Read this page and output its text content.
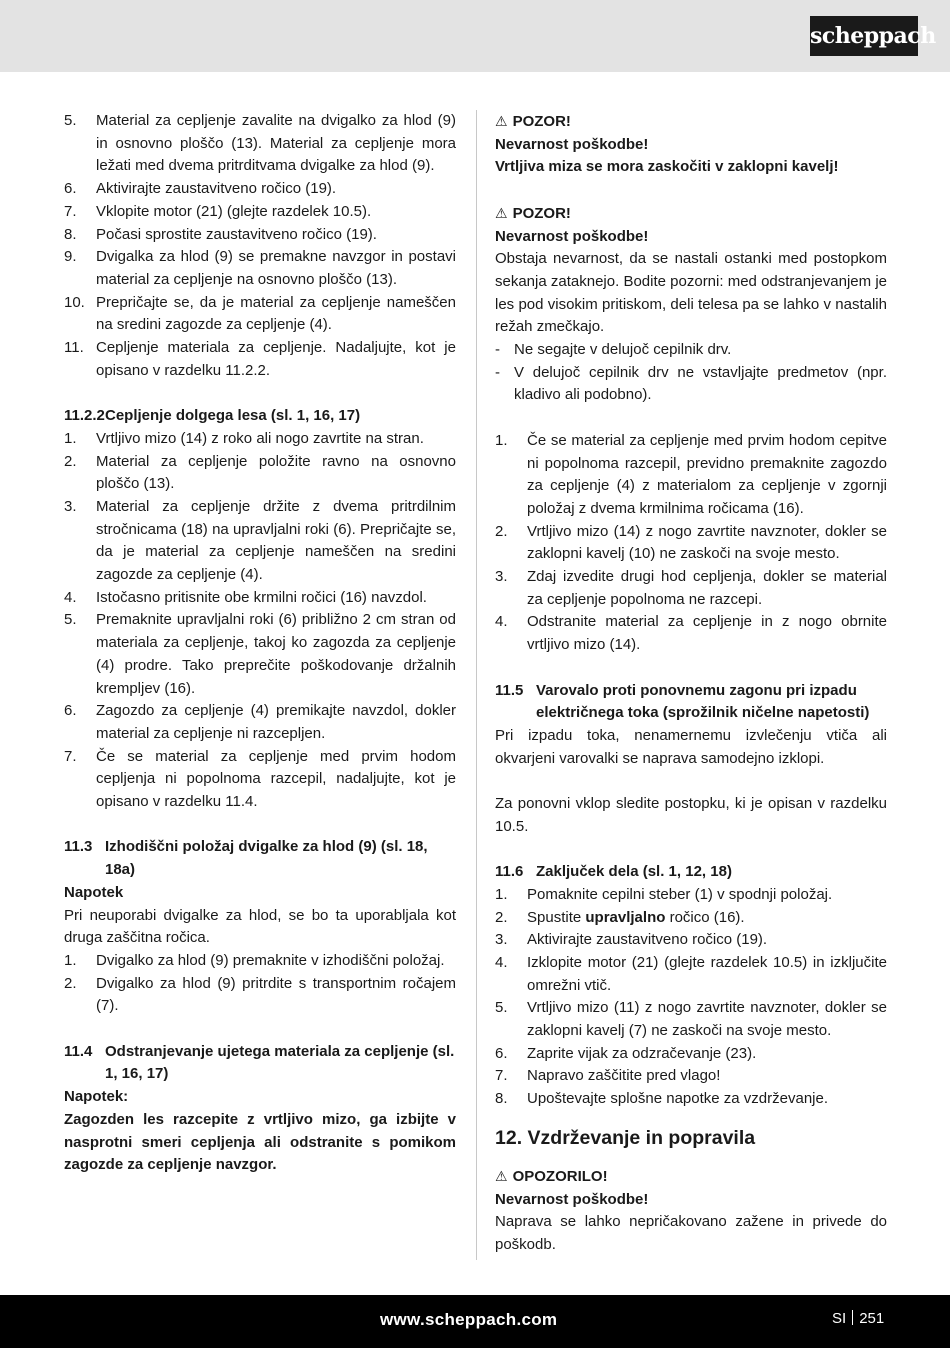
scheppach
5.	Material za cepljenje zavalite na dvigalko za hlod (9) in osnovno ploščo (13). Material za cepljenje mora ležati med dvema pritrditvama dvigalke za hlod (9).
6.	Aktivirajte zaustavitveno ročico (19).
7.	Vklopite motor (21) (glejte razdelek 10.5).
8.	Počasi sprostite zaustavitveno ročico (19).
9.	Dvigalka za hlod (9) se premakne navzgor in postavi material za cepljenje na osnovno ploščo (13).
10. Prepričajte se, da je material za cepljenje nameščen na sredini zagozde za cepljenje (4).
11. Cepljenje materiala za cepljenje. Nadaljujte, kot je opisano v razdelku 11.2.2.
11.2.2 Cepljenje dolgega lesa (sl. 1, 16, 17)
1.	Vrtljivo mizo (14) z roko ali nogo zavrtite na stran.
2.	Material za cepljenje položite ravno na osnovno ploščo (13).
3.	Material za cepljenje držite z dvema pritrdilnim stročnicama (18) na upravljalni roki (6). Prepričajte se, da je material za cepljenje nameščen na sredini zagozde za cepljenje (4).
4.	Istočasno pritisnite obe krmilni ročici (16) navzdol.
5.	Premaknite upravljalni roki (6) približno 2 cm stran od materiala za cepljenje, takoj ko zagozda za cepljenje (4) prodre. Tako preprečite poškodovanje držalnih krempljev (16).
6.	Zagozdo za cepljenje (4) premikajte navzdol, dokler material za cepljenje ni razcepljen.
7.	Če se material za cepljenje med prvim hodom cepljenja ni popolnoma razcepil, nadaljujte, kot je opisano v razdelku 11.4.
11.3 Izhodiščni položaj dvigalke za hlod (9) (sl. 18, 18a)

Napotek

Pri neuporabi dvigalke za hlod, se bo ta uporabljala kot druga zaščitna ročica.

1.	Dvigalko za hlod (9) premaknite v izhodiščni položaj.
2.	Dvigalko za hlod (9) pritrdite s transportnim ročajem (7).
11.4 Odstranjevanje ujetega materiala za cepljenje (sl. 1, 16, 17)

Napotek:

Zagozden les razcepite z vrtljivo mizo, ga izbijte v nasprotni smeri cepljenja ali odstranite s pomikom zagozde za cepljenje navzgor.

⚠ POZOR!

Nevarnost poškodbe!

Vrtljiva miza se mora zaskočiti v zaklopni kavelj!

⚠ POZOR!

Nevarnost poškodbe!

Obstaja nevarnost, da se nastali ostanki med postopkom sekanja zataknejo. Bodite pozorni: med odstranjevanjem je les pod visokim pritiskom, deli telesa pa se lahko v nastalih režah zmečkajo.

- Ne segajte v delujoč cepilnik drv.
- V delujoč cepilnik drv ne vstavljajte predmetov (npr. kladivo ali podobno).
1.	Če se material za cepljenje med prvim hodom cepitve ni popolnoma razcepil, previdno premaknite zagozdo za cepljenje (4) z materialom za cepljenje v zgornji položaj z dvema krmilnima ročicama (16).
2.	Vrtljivo mizo (14) z nogo zavrtite navznoter, dokler se zaklopni kavelj (10) ne zaskoči na svoje mesto.
3.	Zdaj izvedite drugi hod cepljenja, dokler se material za cepljenje popolnoma ne razcepi.
4.	Odstranite material za cepljenje in z nogo obrnite vrtljivo mizo (14).
11.5 Varovalo proti ponovnemu zagonu pri izpadu električnega toka (sprožilnik ničelne napetosti)

Pri izpadu toka, nenamernemu izvlečenju vtiča ali okvarjeni varovalki se naprava samodejno izklopi.

Za ponovni vklop sledite postopku, ki je opisan v razdelku 10.5.

11.6 Zaključek dela (sl. 1, 12, 18)
1.	Pomaknite cepilni steber (1) v spodnji položaj.
2.	Spustite upravljalno ročico (16).
3.	Aktivirajte zaustavitveno ročico (19).
4.	Izklopite motor (21) (glejte razdelek 10.5) in izključite omrežni vtič.
5.	Vrtljivo mizo (11) z nogo zavrtite navznoter, dokler se zaklopni kavelj (7) ne zaskoči na svoje mesto.
6.	Zaprite vijak za odzračevanje (23).
7.	Napravo zaščitite pred vlago!
8.	Upoštevajte splošne napotke za vzdrževanje.

12. Vzdrževanje in popravila

⚠ OPOZORILO!

Nevarnost poškodbe!

Naprava se lahko nepričakovano zažene in privede do poškodb.

www.scheppach.com	SI 251
